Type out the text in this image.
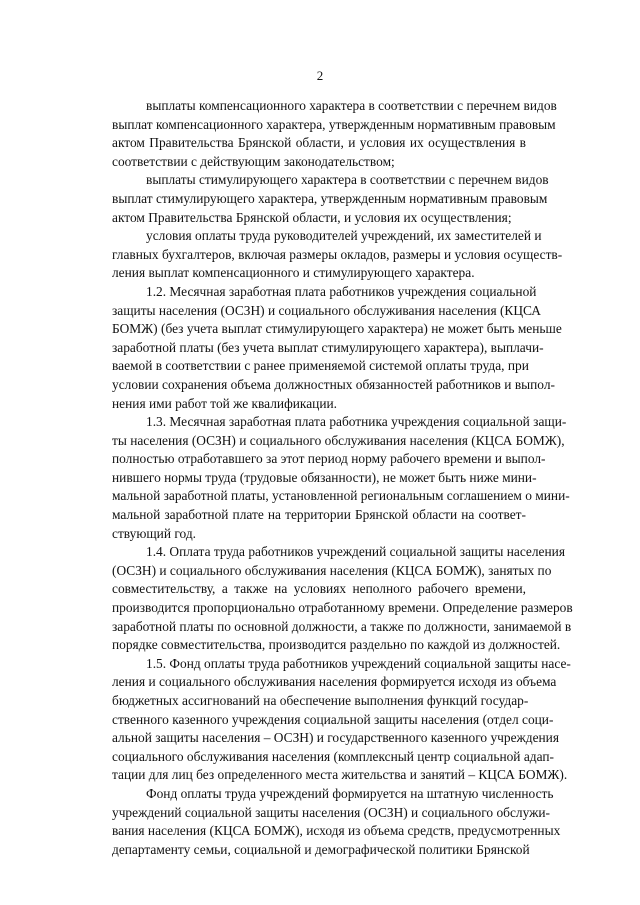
2
выплаты компенсационного характера в соответствии с перечнем видов
выплат компенсационного характера, утвержденным нормативным правовым
актом Правительства Брянской области, и условия их осуществления в
соответствии с действующим законодательством;
выплаты стимулирующего характера в соответствии с перечнем видов
выплат стимулирующего характера, утвержденным нормативным правовым
актом Правительства Брянской области, и условия их осуществления;
условия оплаты труда руководителей учреждений, их заместителей и
главных бухгалтеров, включая размеры окладов, размеры и условия осуществ-
ления выплат компенсационного и стимулирующего характера.
1.2. Месячная заработная плата работников учреждения социальной
защиты населения (ОСЗН) и социального обслуживания населения (КЦСА
БОМЖ) (без учета выплат стимулирующего характера) не может быть меньше
заработной платы (без учета выплат стимулирующего характера), выплачи-
ваемой в соответствии с ранее применяемой системой оплаты труда, при
условии сохранения объема должностных обязанностей работников и выпол-
нения ими работ той же квалификации.
1.3. Месячная заработная плата работника учреждения социальной защи-
ты населения (ОСЗН) и социального обслуживания населения (КЦСА БОМЖ),
полностью отработавшего за этот период норму рабочего времени и выпол-
нившего нормы труда (трудовые обязанности), не может быть ниже мини-
мальной заработной платы, установленной региональным соглашением о мини-
мальной заработной плате на территории Брянской области на соответ-
ствующий год.
1.4. Оплата труда работников учреждений социальной защиты населения
(ОСЗН) и социального обслуживания населения (КЦСА БОМЖ), занятых по
совместительству, а также на условиях неполного рабочего времени,
производится пропорционально отработанному времени. Определение размеров
заработной платы по основной должности, а также по должности, занимаемой в
порядке совместительства, производится раздельно по каждой из должностей.
1.5. Фонд оплаты труда работников учреждений социальной защиты насе-
ления и социального обслуживания населения формируется исходя из объема
бюджетных ассигнований на обеспечение выполнения функций государ-
ственного казенного учреждения социальной защиты населения (отдел соци-
альной защиты населения – ОСЗН) и государственного казенного учреждения
социального обслуживания населения (комплексный центр социальной адап-
тации для лиц без определенного места жительства и занятий – КЦСА БОМЖ).
Фонд оплаты труда учреждений формируется на штатную численность
учреждений социальной защиты населения (ОСЗН) и социального обслужи-
вания населения (КЦСА БОМЖ), исходя из объема средств, предусмотренных
департаменту семьи, социальной и демографической политики Брянской
